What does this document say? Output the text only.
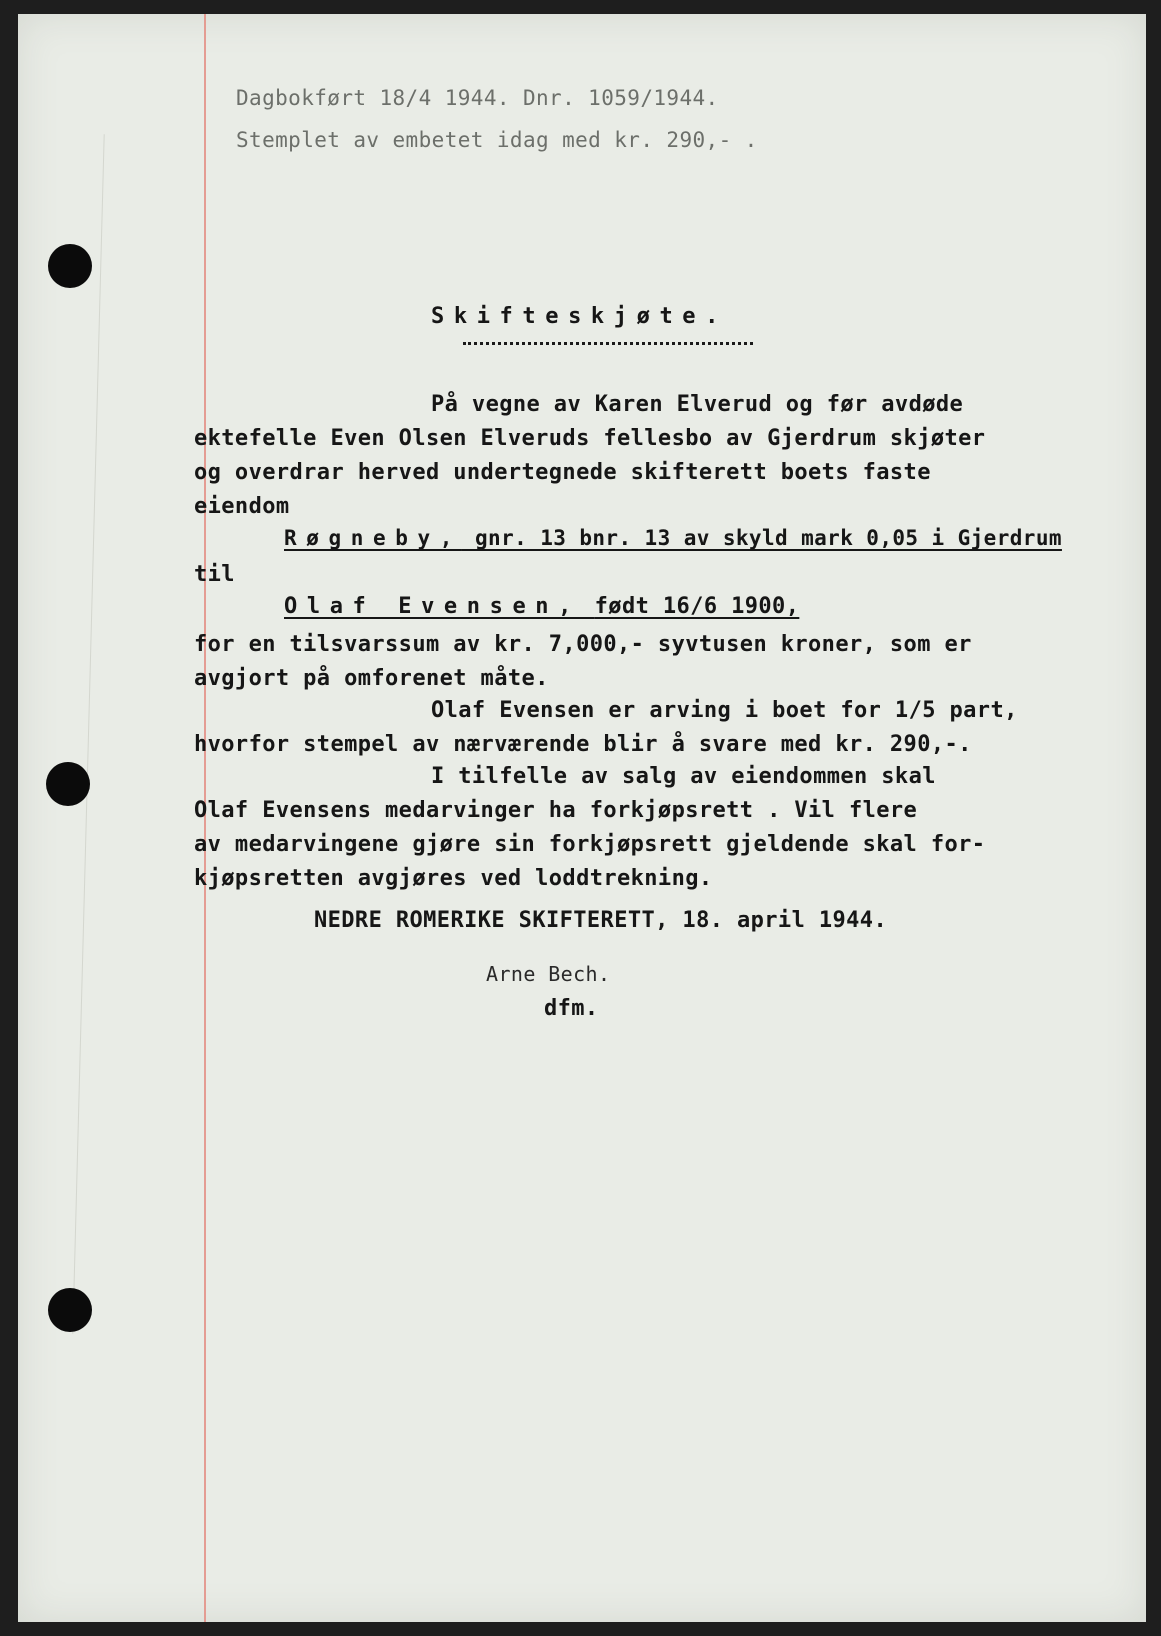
Dagbokført 18/4 1944. Dnr. 1059/1944.
Stemplet av embetet idag med kr. 290,- .
Skifteskjøte.
På vegne av Karen Elverud og før avdøde
ektefelle Even Olsen Elveruds fellesbo av Gjerdrum skjøter
og overdrar herved undertegnede skifterett boets faste
eiendom
Røgneby, gnr. 13 bnr. 13 av skyld mark 0,05 i Gjerdrum
til
Olaf Evensen, født 16/6 1900,
for en tilsvarssum av kr. 7,000,- syvtusen kroner, som er
avgjort på omforenet måte.
Olaf Evensen er arving i boet for 1/5 part,
hvorfor stempel av nærværende blir å svare med kr. 290,-.
I tilfelle av salg av eiendommen skal
Olaf Evensens medarvinger ha forkjøpsrett . Vil flere
av medarvingene gjøre sin forkjøpsrett gjeldende skal for-
kjøpsretten avgjøres ved loddtrekning.
NEDRE ROMERIKE SKIFTERETT, 18. april 1944.
Arne Bech.
dfm.
